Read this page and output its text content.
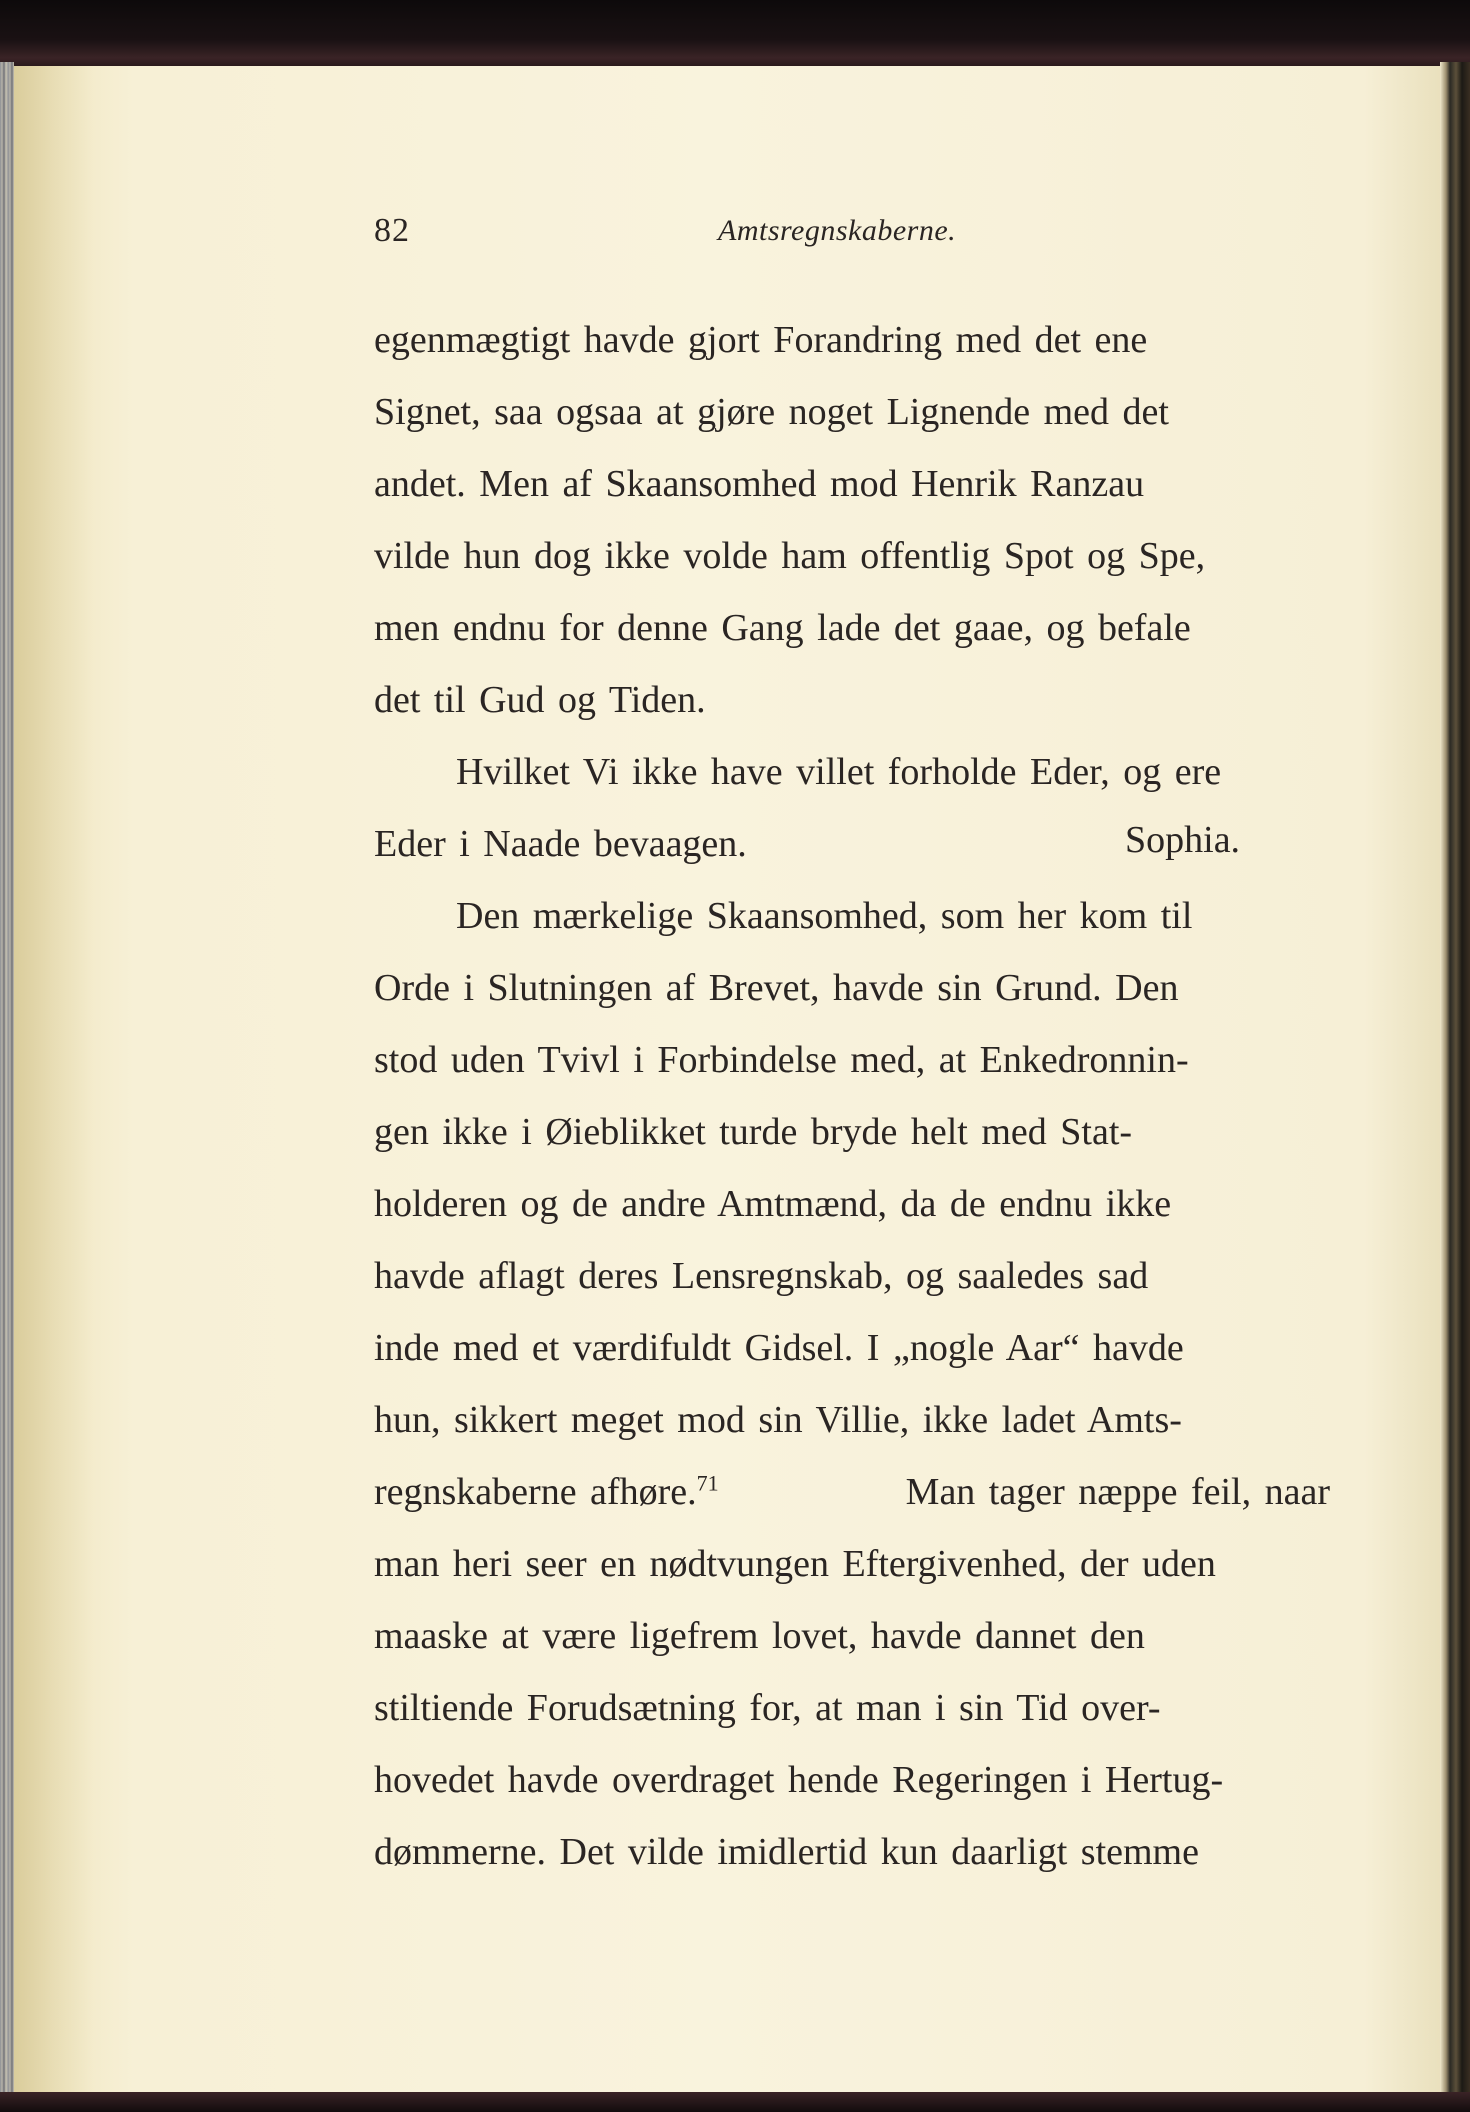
82	Amtsregnskaberne.
egenmægtigt havde gjort Forandring med det ene
Signet, saa ogsaa at gjøre noget Lignende med det
andet. Men af Skaansomhed mod Henrik Ranzau
vilde hun dog ikke volde ham offentlig Spot og Spe,
men endnu for denne Gang lade det gaae, og befale
det til Gud og Tiden.
Hvilket Vi ikke have villet forholde Eder, og ere
Eder i Naade bevaagen.	Sophia.
Den mærkelige Skaansomhed, som her kom til
Orde i Slutningen af Brevet, havde sin Grund. Den
stod uden Tvivl i Forbindelse med, at Enkedronnin-
gen ikke i Øieblikket turde bryde helt med Stat-
holderen og de andre Amtmænd, da de endnu ikke
havde aflagt deres Lensregnskab, og saaledes sad
inde med et værdifuldt Gidsel. I „nogle Aar“ havde
hun, sikkert meget mod sin Villie, ikke ladet Amts-
regnskaberne afhøre.$^{71}$	Man tager næppe feil, naar
man heri seer en nødtvungen Eftergivenhed, der uden
maaske at være ligefrem lovet, havde dannet den
stiltiende Forudsætning for, at man i sin Tid over-
hovedet havde overdraget hende Regeringen i Hertug-
dømmerne. Det vilde imidlertid kun daarligt stemme
